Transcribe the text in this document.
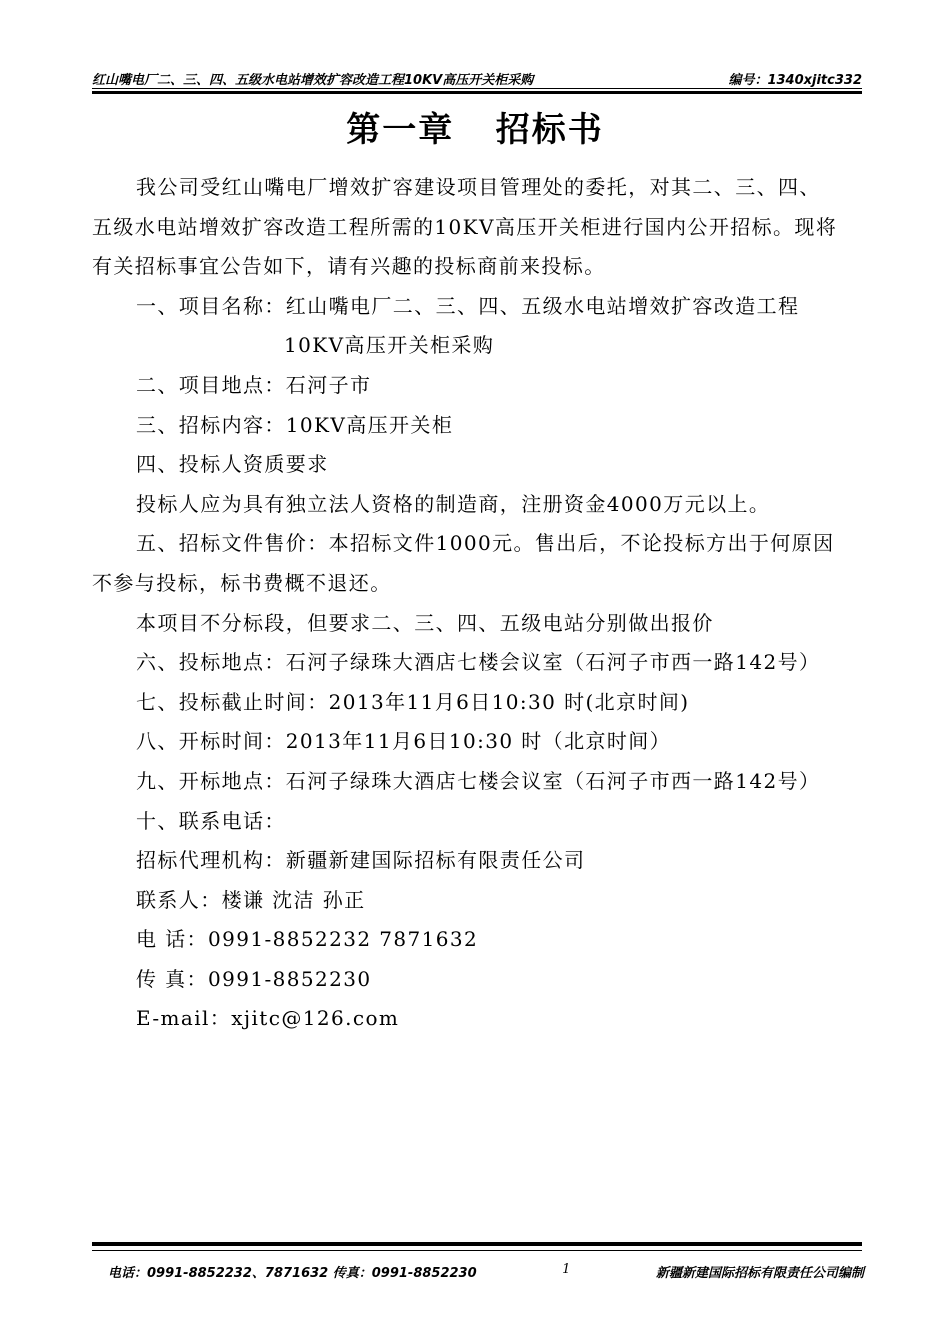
红山嘴电厂二、三、四、五级水电站增效扩容改造工程10KV高压开关柜采购	编号：1340xjitc332
第一章   招标书

我公司受红山嘴电厂增效扩容建设项目管理处的委托，对其二、三、四、

五级水电站增效扩容改造工程所需的10KV高压开关柜进行国内公开招标。现将

有关招标事宜公告如下，请有兴趣的投标商前来投标。

一、项目名称：红山嘴电厂二、三、四、五级水电站增效扩容改造工程

10KV高压开关柜采购

二、项目地点：石河子市

三、招标内容：10KV高压开关柜

四、投标人资质要求

投标人应为具有独立法人资格的制造商，注册资金4000万元以上。

五、招标文件售价：本招标文件1000元。售出后，不论投标方出于何原因

不参与投标，标书费概不退还。

本项目不分标段，但要求二、三、四、五级电站分别做出报价

六、投标地点：石河子绿珠大酒店七楼会议室（石河子市西一路142号）

七、投标截止时间：2013年11月6日10:30 时(北京时间)

八、开标时间：2013年11月6日10:30 时（北京时间）

九、开标地点：石河子绿珠大酒店七楼会议室（石河子市西一路142号）

十、联系电话：

招标代理机构：新疆新建国际招标有限责任公司

联系人：楼谦 沈洁 孙正

电 话：0991-8852232 7871632

传 真：0991-8852230

E-mail：xjitc@126.com

电话：0991-8852232、7871632 传真：0991-8852230	1	新疆新建国际招标有限责任公司编制
